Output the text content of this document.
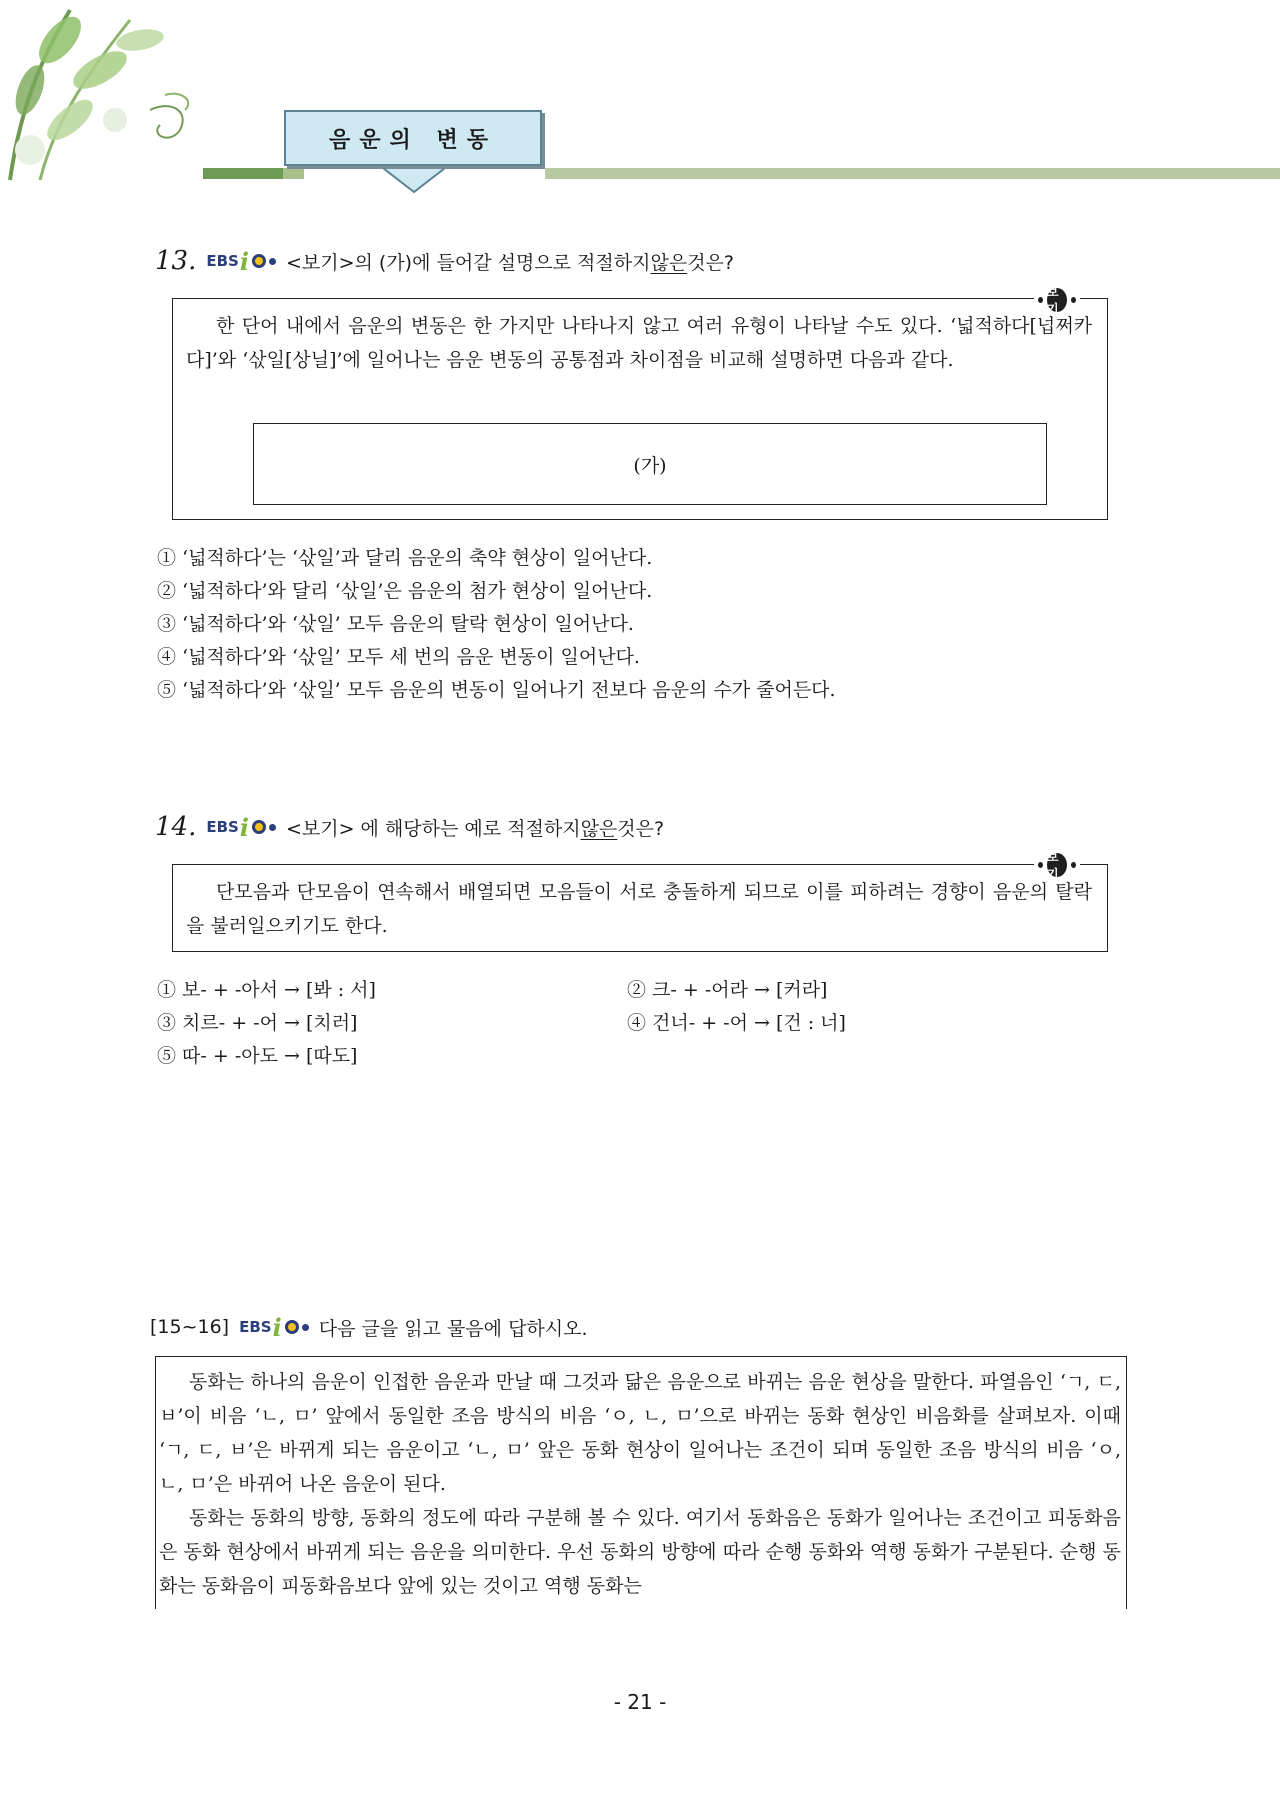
음운의 변동
13. EBS i <보기>의 (가)에 들어갈 설명으로 적절하지 않은 것은?
한 단어 내에서 음운의 변동은 한 가지만 나타나지 않고 여러 유형이 나타날 수도 있다. ‘넓적하다[넙쩌카다]’와 ‘삯일[상닐]’에 일어나는 음운 변동의 공통점과 차이점을 비교해 설명하면 다음과 같다.
(가)
보기
① ‘넓적하다’는 ‘삯일’과 달리 음운의 축약 현상이 일어난다.
② ‘넓적하다’와 달리 ‘삯일’은 음운의 첨가 현상이 일어난다.
③ ‘넓적하다’와 ‘삯일’ 모두 음운의 탈락 현상이 일어난다.
④ ‘넓적하다’와 ‘삯일’ 모두 세 번의 음운 변동이 일어난다.
⑤ ‘넓적하다’와 ‘삯일’ 모두 음운의 변동이 일어나기 전보다 음운의 수가 줄어든다.
14. EBS i <보기> 에 해당하는 예로 적절하지 않은 것은?
단모음과 단모음이 연속해서 배열되면 모음들이 서로 충돌하게 되므로 이를 피하려는 경향이 음운의 탈락을 불러일으키기도 한다.
보기
① 보- + -아서 → [봐 : 서]
③ 치르- + -어 → [치러]
⑤ 따- + -아도 → [따도]
② 크- + -어라 → [커라]
④ 건너- + -어 → [건 : 너]
[15~16] EBS i 다음 글을 읽고 물음에 답하시오.
동화는 하나의 음운이 인접한 음운과 만날 때 그것과 닮은 음운으로 바뀌는 음운 현상을 말한다. 파열음인 ‘ㄱ, ㄷ, ㅂ’이 비음 ‘ㄴ, ㅁ’ 앞에서 동일한 조음 방식의 비음 ‘ㅇ, ㄴ, ㅁ’으로 바뀌는 동화 현상인 비음화를 살펴보자. 이때 ‘ㄱ, ㄷ, ㅂ’은 바뀌게 되는 음운이고 ‘ㄴ, ㅁ’ 앞은 동화 현상이 일어나는 조건이 되며 동일한 조음 방식의 비음 ‘ㅇ, ㄴ, ㅁ’은 바뀌어 나온 음운이 된다.
동화는 동화의 방향, 동화의 정도에 따라 구분해 볼 수 있다. 여기서 동화음은 동화가 일어나는 조건이고 피동화음은 동화 현상에서 바뀌게 되는 음운을 의미한다. 우선 동화의 방향에 따라 순행 동화와 역행 동화가 구분된다. 순행 동화는 동화음이 피동화음보다 앞에 있는 것이고 역행 동화는
- 21 -
